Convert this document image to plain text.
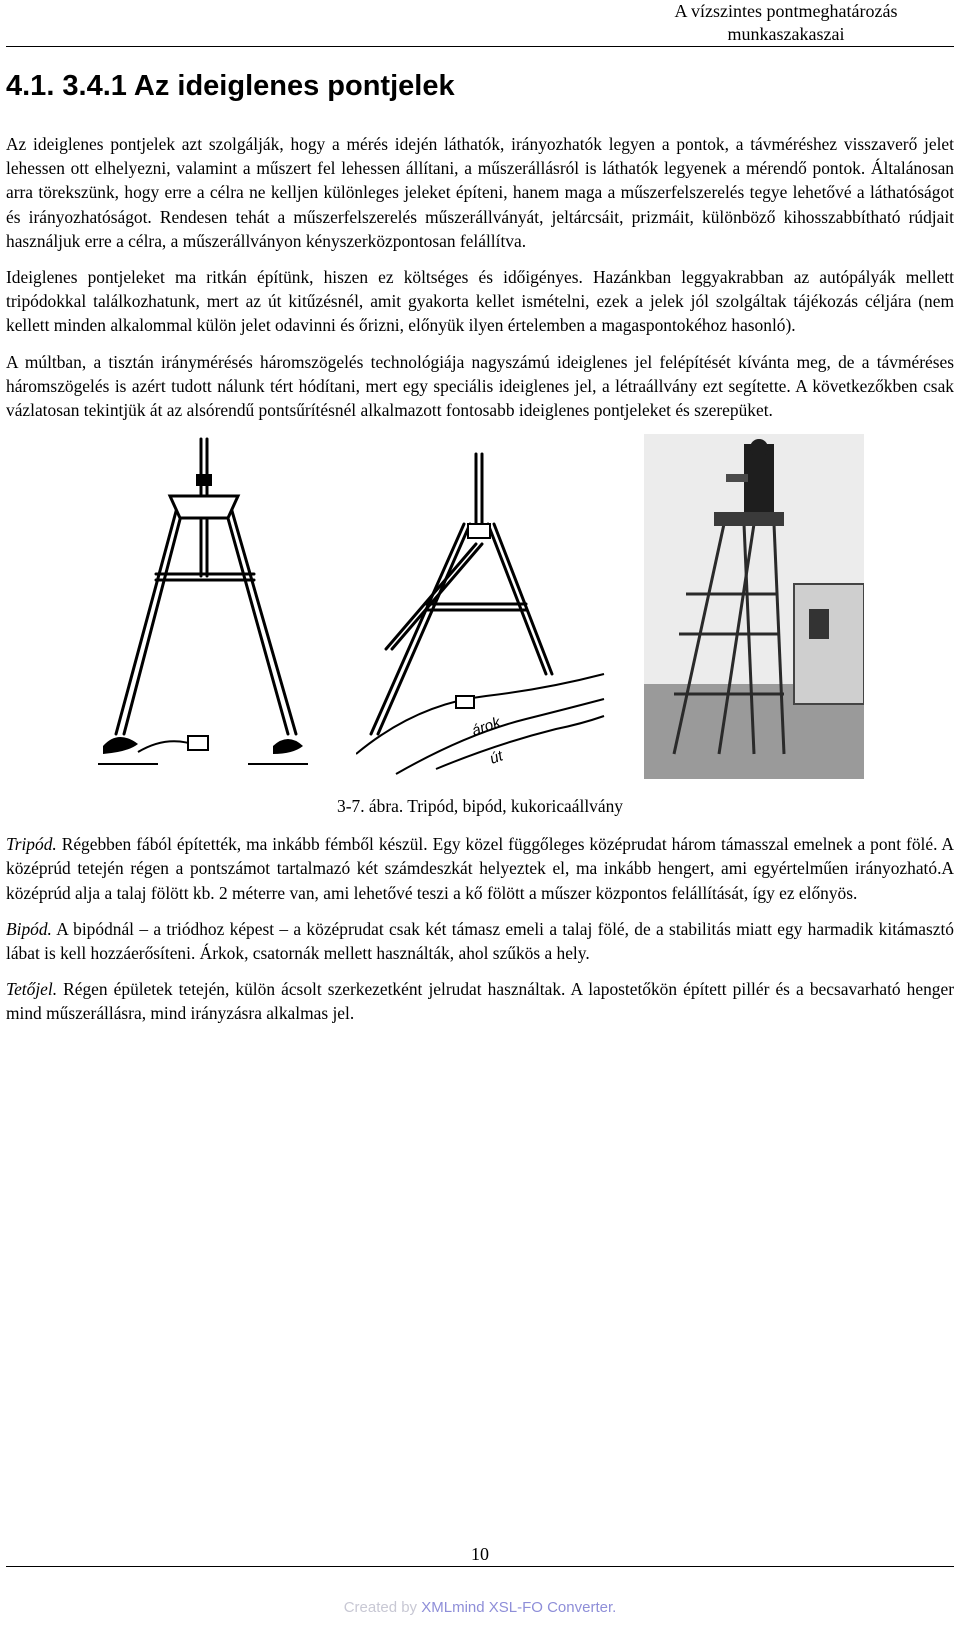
A vízszintes pontmeghatározás munkaszakaszai
4.1. 3.4.1 Az ideiglenes pontjelek

Az ideiglenes pontjelek azt szolgálják, hogy a mérés idején láthatók, irányozhatók legyen a pontok, a távméréshez visszaverő jelet lehessen ott elhelyezni, valamint a műszert fel lehessen állítani, a műszerállásról is láthatók legyenek a mérendő pontok. Általánosan arra törekszünk, hogy erre a célra ne kelljen különleges jeleket építeni, hanem maga a műszerfelszerelés tegye lehetővé a láthatóságot és irányozhatóságot. Rendesen tehát a műszerfelszerelés műszerállványát, jeltárcsáit, prizmáit, különböző kihosszabbítható rúdjait használjuk erre a célra, a műszerállványon kényszerközpontosan felállítva.

Ideiglenes pontjeleket ma ritkán építünk, hiszen ez költséges és időigényes. Hazánkban leggyakrabban az autópályák mellett tripódokkal találkozhatunk, mert az út kitűzésnél, amit gyakorta kellet ismételni, ezek a jelek jól szolgáltak tájékozás céljára (nem kellett minden alkalommal külön jelet odavinni és őrizni, előnyük ilyen értelemben a magaspontokéhoz hasonló).

A múltban, a tisztán iránymérésés háromszögelés technológiája nagyszámú ideiglenes jel felépítését kívánta meg, de a távméréses háromszögelés is azért tudott nálunk tért hódítani, mert egy speciális ideiglenes jel, a létraállvány ezt segítette. A következőkben csak vázlatosan tekintjük át az alsórendű pontsűrítésnél alkalmazott fontosabb ideiglenes pontjeleket és szerepüket.

árok
út
3-7. ábra. Tripód, bipód, kukoricaállvány

Tripód. Régebben fából építették, ma inkább fémből készül. Egy közel függőleges középrudat három támasszal emelnek a pont fölé. A középrúd tetején régen a pontszámot tartalmazó két számdeszkát helyeztek el, ma inkább hengert, ami egyértelműen irányozható.A középrúd alja a talaj fölött kb. 2 méterre van, ami lehetővé teszi a kő fölött a műszer központos felállítását, így ez előnyös.

Bipód. A bipódnál – a triódhoz képest – a középrudat csak két támasz emeli a talaj fölé, de a stabilitás miatt egy harmadik kitámasztó lábat is kell hozzáerősíteni. Árkok, csatornák mellett használták, ahol szűkös a hely.

Tetőjel. Régen épületek tetején, külön ácsolt szerkezetként jelrudat használtak. A lapostetőkön épített pillér és a becsavarható henger mind műszerállásra, mind irányzásra alkalmas jel.

10
Created by XMLmind XSL-FO Converter.
